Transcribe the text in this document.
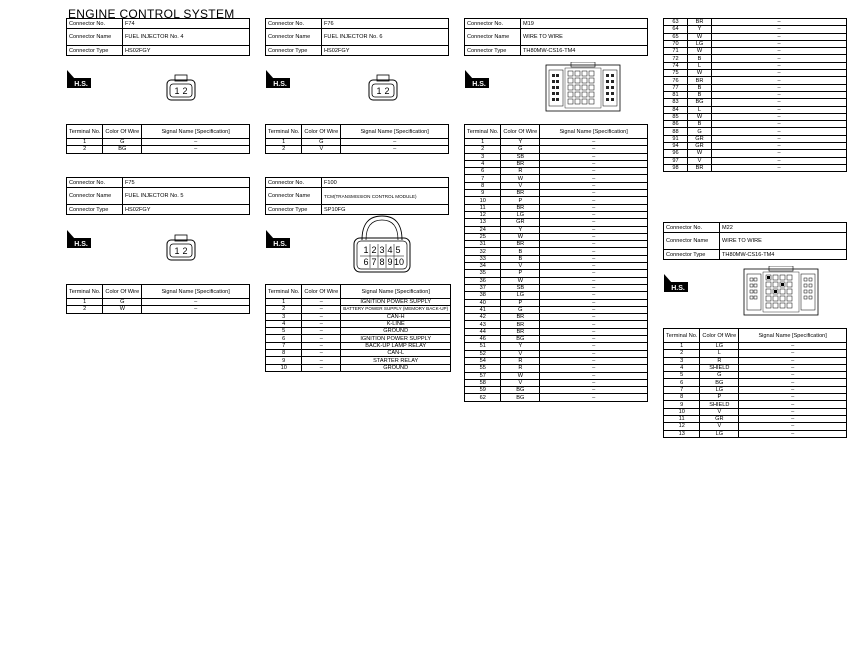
ENGINE CONTROL SYSTEM
Connector No.	F74
Connector Name	FUEL INJECTOR No. 4
Connector Type	HS02FGY
H.S.
1 2
Terminal No.	Color Of Wire	Signal Name [Specification]
1	G	–
2	BG	–
Connector No.	F75
Connector Name	FUEL INJECTOR No. 5
Connector Type	HS02FGY
H.S.
1 2
Terminal No.	Color Of Wire	Signal Name [Specification]
1	G	–
2	W	–
Connector No.	F76
Connector Name	FUEL INJECTOR No. 6
Connector Type	HS02FGY
H.S.
1 2
Terminal No.	Color Of Wire	Signal Name [Specification]
1	G	–
2	V	–
Connector No.	F100
Connector Name	TCM(TRANSMISSION CONTROL MODULE)
Connector Type	SP10FG
H.S.
1 2 3 4 5
6 7 8 9 10
Terminal No.	Color Of Wire	Signal Name [Specification]
1	–	IGNITION POWER SUPPLY
2	–	BATTERY POWER SUPPLY (MEMORY BACK-UP)
3	–	CAN-H
4	–	K-LINE
5	–	GROUND
6	–	IGNITION POWER SUPPLY
7	–	BACK-UP LAMP RELAY
8	–	CAN-L
9	–	STARTER RELAY
10	–	GROUND
Connector No.	M19
Connector Name	WIRE TO WIRE
Connector Type	TH80MW-CS16-TM4
H.S.
Terminal No.	Color Of Wire	Signal Name [Specification]
1	Y	–
2	G	–
3	SB	–
4	BR	–
6	R	–
7	W	–
8	V	–
9	BR	–
10	P	–
11	BR	–
12	LG	–
13	GR	–
24	Y	–
25	W	–
31	BR	–
32	B	–
33	B	–
34	V	–
35	P	–
36	W	–
37	SB	–
38	LG	–
40	P	–
41	G	–
42	BR	–
43	BR	–
44	BR	–
46	BG	–
51	Y	–
52	V	–
54	R	–
55	R	–
57	W	–
58	V	–
59	BG	–
62	BG	–
63	BR	–
64	Y	–
65	W	–
70	LG	–
71	W	–
72	B	–
74	L	–
75	W	–
76	BR	–
77	B	–
81	B	–
83	BG	–
84	L	–
85	W	–
86	B	–
88	G	–
91	GR	–
94	GR	–
96	W	–
97	V	–
98	BR	–
Connector No.	M22
Connector Name	WIRE TO WIRE
Connector Type	TH80MW-CS16-TM4
H.S.
Terminal No.	Color Of Wire	Signal Name [Specification]
1	LG	–
2	L	–
3	R	–
4	SHIELD	–
5	G	–
6	BG	–
7	LG	–
8	P	–
9	SHIELD	–
10	V	–
11	GR	–
12	V	–
13	LG	–
